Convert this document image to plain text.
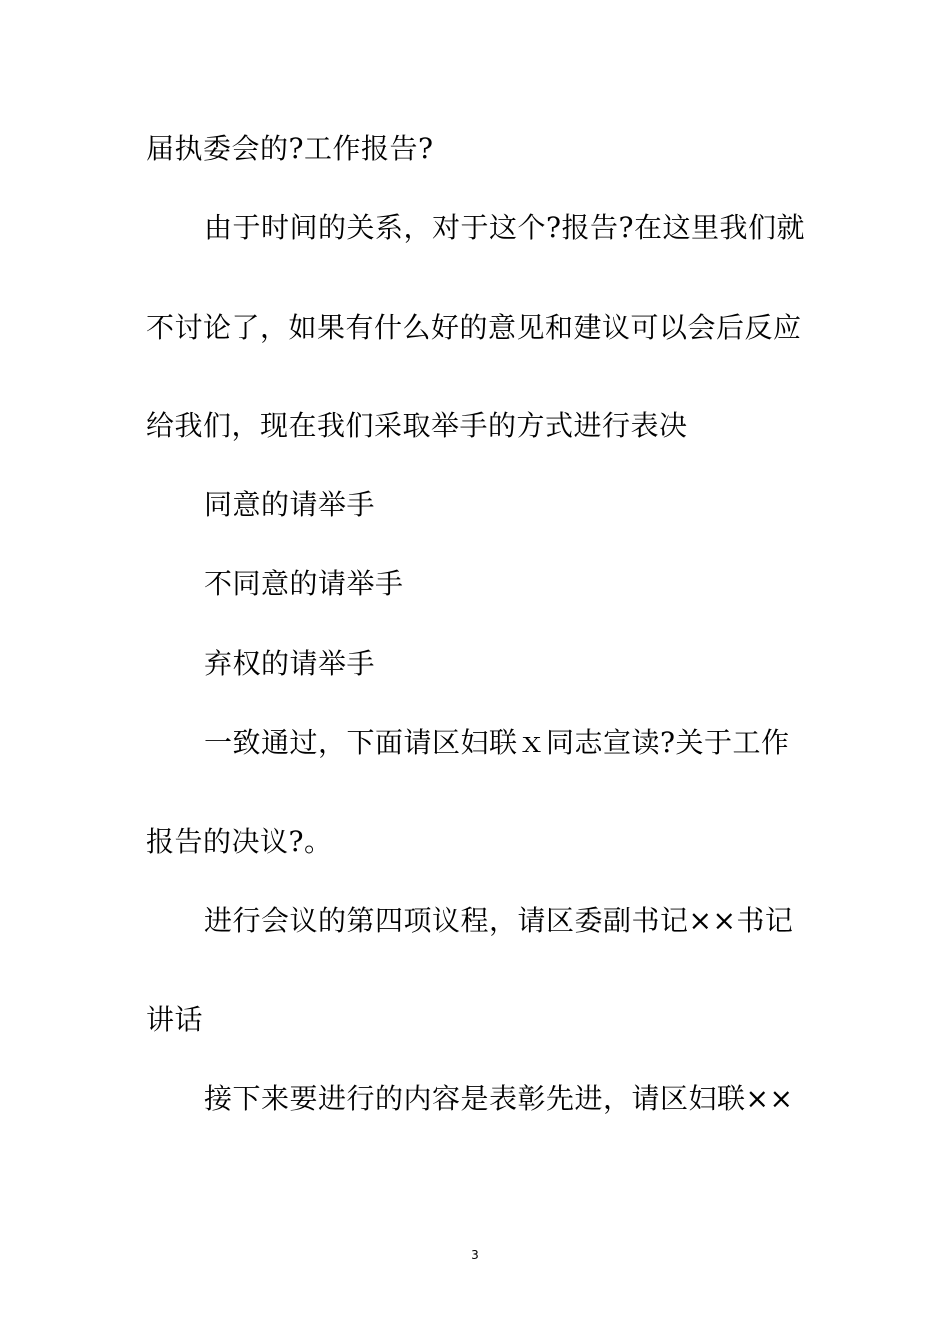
届执委会的?工作报告?
由于时间的关系，对于这个?报告?在这里我们就
不讨论了，如果有什么好的意见和建议可以会后反应
给我们，现在我们采取举手的方式进行表决
同意的请举手
不同意的请举手
弃权的请举手
一致通过，下面请区妇联ｘ同志宣读?关于工作
报告的决议?。
进行会议的第四项议程，请区委副书记××书记
讲话
接下来要进行的内容是表彰先进，请区妇联××
3
